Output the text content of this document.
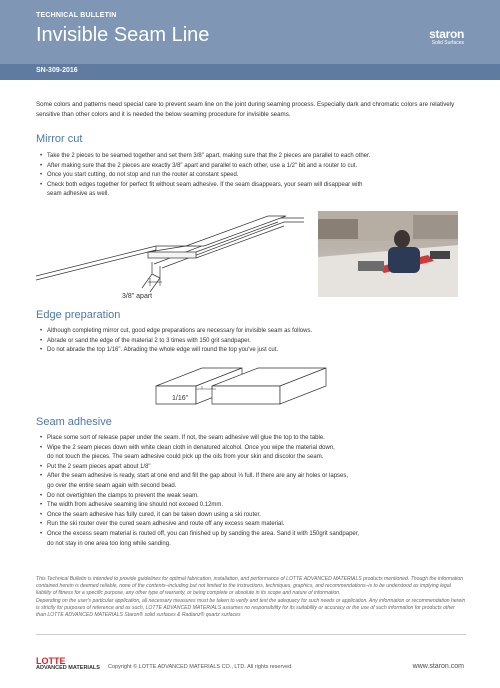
TECHNICAL BULLETIN
Invisible Seam Line	staron
Solid Surfaces
SN-309-2016
Some colors and patterns need special care to prevent seam line on the joint during seaming process. Especially dark and chromatic colors are relatively sensitive than other colors and it is needed the below seaming procedure for invisible seams.
Mirror cut
• Take the 2 pieces to be seamed together and set them 3/8" apart, making sure that the 2 pieces are parallel to each other.
• After making sure that the 2 pieces are exactly 3/8" apart and parallel to each other, use a 1/2" bit and a router to cut.
• Once you start cutting, do not stop and run the router at constant speed.
• Check both edges together for perfect fit without seam adhesive. If the seam disappears, your seam will disappear with
seam adhesive as well.
3/8" apart
Edge preparation
• Although completing mirror cut, good edge preparations are necessary for invisible seam as follows.
• Abrade or sand the edge of the material 2 to 3 times with 150 grit sandpaper.
• Do not abrade the top 1/16". Abrading the whole edge will round the top you've just cut.
1/16"
Seam adhesive
• Place some sort of release paper under the seam. If not, the seam adhesive will glue the top to the table.
• Wipe the 2 seam pieces down with white clean cloth in denatured alcohol. Once you wipe the material down,
do not touch the pieces. The seam adhesive could pick up the oils from your skin and discolor the seam.
• Put the 2 seam pieces apart about 1/8"
• After the seam adhesive is ready, start at one end and fill the gap about ⅓ full. If there are any air holes or lapses,
go over the entire seam again with second bead.
• Do not overtighten the clamps to prevent the weak seam.
• The width from adhesive seaming line should not exceed 0.12mm.
• Once the seam adhesive has fully cured, it can be taken down using a ski router.
• Run the ski router over the cured seam adhesive and route off any excess seam material.
• Once the excess seam material is routed off, you can finished up by sanding the area. Sand it with 150grit sandpaper,
do not stay in one area too long while sanding.
This Technical Bulletin is intended to provide guidelines for optimal fabrication, installation, and performance of LOTTE ADVANCED MATERIALS products mentioned. Though the information contained herein is deemed reliable, none of the contents–including but not limited to the instructions, techniques, graphics, and recommendations–is to be understood as implying legal liability of fitness for a specific purpose, any other type of warranty, or being complete or absolute in its scope and nature of information.
Depending on the user's particular application, all necessary measures must be taken to verify and test the adequacy for such needs or application. Any information or recommendation herein is strictly for purposes of reference and as such, LOTTE ADVANCED MATERIALS assumes no responsibility for its suitability or accuracy or the use of such information for products other than LOTTE ADVANCED MATERIALS Staron® solid surfaces & Radianz® quartz surfaces
LOTTE
ADVANCED MATERIALS Copyright © LOTTE ADVANCED MATERIALS CO., LTD. All rights reserved.	www.staron.com
